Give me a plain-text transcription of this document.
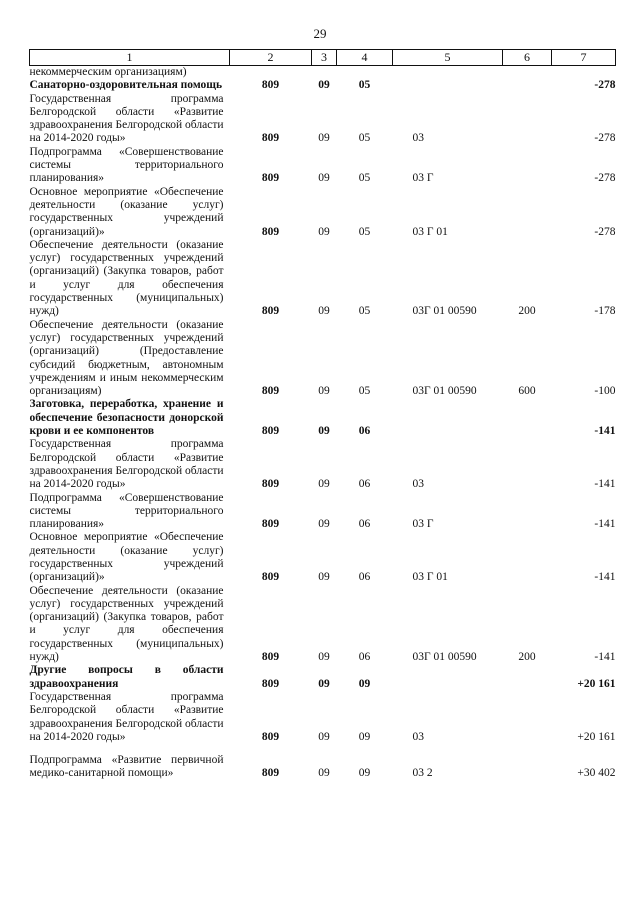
29
1	2	3	4	5	6	7
некоммерческим организациям)						
Санаторно-оздоровительная помощь	809	09	05			-278
Государственная программа Белгородской области «Развитие здравоохранения Белгородской области на 2014-2020 годы»	809	09	05	03		-278
Подпрограмма «Совершенствование системы территориального планирования»	809	09	05	03 Г		-278
Основное мероприятие «Обеспечение деятельности (оказание услуг) государственных учреждений (организаций)»	809	09	05	03 Г 01		-278
Обеспечение деятельности (оказание услуг) государственных учреждений (организаций) (Закупка товаров, работ и услуг для обеспечения государственных (муниципальных) нужд)	809	09	05	03Г 01 00590	200	-178
Обеспечение деятельности (оказание услуг) государственных учреждений (организаций) (Предоставление субсидий бюджетным, автономным учреждениям и иным некоммерческим организациям)	809	09	05	03Г 01 00590	600	-100
Заготовка, переработка, хранение и обеспечение безопасности донорской крови и ее компонентов	809	09	06			-141
Государственная программа Белгородской области «Развитие здравоохранения Белгородской области на 2014-2020 годы»	809	09	06	03		-141
Подпрограмма «Совершенствование системы территориального планирования»	809	09	06	03 Г		-141
Основное мероприятие «Обеспечение деятельности (оказание услуг) государственных учреждений (организаций)»	809	09	06	03 Г 01		-141
Обеспечение деятельности (оказание услуг) государственных учреждений (организаций) (Закупка товаров, работ и услуг для обеспечения государственных (муниципальных) нужд)	809	09	06	03Г 01 00590	200	-141
Другие вопросы в области здравоохранения	809	09	09			+20 161
Государственная программа Белгородской области «Развитие здравоохранения Белгородской области на 2014-2020 годы»	809	09	09	03		+20 161
Подпрограмма «Развитие первичной медико-санитарной помощи»	809	09	09	03 2		+30 402
